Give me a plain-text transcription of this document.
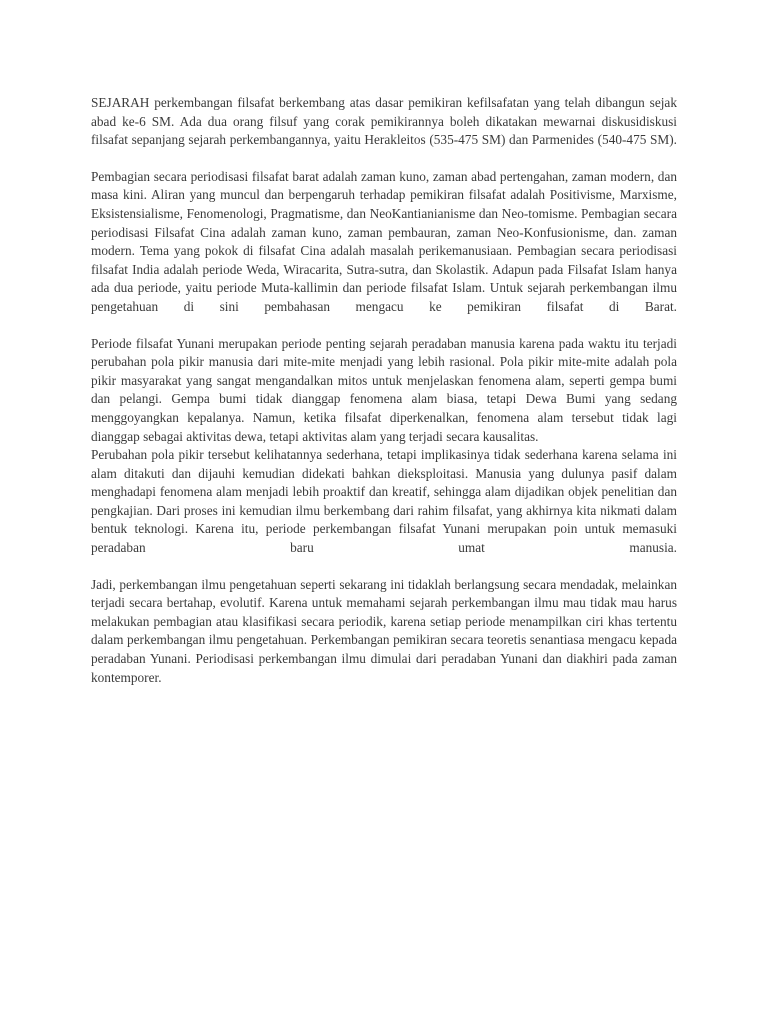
SEJARAH perkembangan filsafat berkembang atas dasar pemikiran kefilsafatan yang telah dibangun sejak abad ke-6 SM. Ada dua orang filsuf yang corak pemikirannya boleh dikatakan mewarnai diskusidiskusi filsafat sepanjang sejarah perkembangannya, yaitu Herakleitos (535-475 SM) dan Parmenides (540-475 SM).

Pembagian secara periodisasi filsafat barat adalah zaman kuno, zaman abad pertengahan, zaman modern, dan masa kini. Aliran yang muncul dan berpengaruh terhadap pemikiran filsafat adalah Positivisme, Marxisme, Eksistensialisme, Fenomenologi, Pragmatisme, dan NeoKantianianisme dan Neo-tomisme. Pembagian secara periodisasi Filsafat Cina adalah zaman kuno, zaman pembauran, zaman Neo-Konfusionisme, dan. zaman modern. Tema yang pokok di filsafat Cina adalah masalah perikemanusiaan. Pembagian secara periodisasi filsafat India adalah periode Weda, Wiracarita, Sutra-sutra, dan Skolastik. Adapun pada Filsafat Islam hanya ada dua periode, yaitu periode Muta-kallimin dan periode filsafat Islam. Untuk sejarah perkembangan ilmu pengetahuan di sini pembahasan mengacu ke pemikiran filsafat di Barat.

Periode filsafat Yunani merupakan periode penting sejarah peradaban manusia karena pada waktu itu terjadi perubahan pola pikir manusia dari mite-mite menjadi yang lebih rasional. Pola pikir mite-mite adalah pola pikir masyarakat yang sangat mengandalkan mitos untuk menjelaskan fenomena alam, seperti gempa bumi dan pelangi. Gempa bumi tidak dianggap fenomena alam biasa, tetapi Dewa Bumi yang sedang menggoyangkan kepalanya. Namun, ketika filsafat diperkenalkan, fenomena alam tersebut tidak lagi dianggap sebagai aktivitas dewa, tetapi aktivitas alam yang terjadi secara kausalitas.

Perubahan pola pikir tersebut kelihatannya sederhana, tetapi implikasinya tidak sederhana karena selama ini alam ditakuti dan dijauhi kemudian didekati bahkan dieksploitasi. Manusia yang dulunya pasif dalam menghadapi fenomena alam menjadi lebih proaktif dan kreatif, sehingga alam dijadikan objek penelitian dan pengkajian. Dari proses ini kemudian ilmu berkembang dari rahim filsafat, yang akhirnya kita nikmati dalam bentuk teknologi. Karena itu, periode perkembangan filsafat Yunani merupakan poin untuk memasuki peradaban baru umat manusia.

Jadi, perkembangan ilmu pengetahuan seperti sekarang ini tidaklah berlangsung secara mendadak, melainkan terjadi secara bertahap, evolutif. Karena untuk memahami sejarah perkembangan ilmu mau tidak mau harus melakukan pembagian atau klasifikasi secara periodik, karena setiap periode menampilkan ciri khas tertentu dalam perkembangan ilmu pengetahuan. Perkembangan pemikiran secara teoretis senantiasa mengacu kepada peradaban Yunani. Periodisasi perkembangan ilmu dimulai dari peradaban Yunani dan diakhiri pada zaman kontemporer.
